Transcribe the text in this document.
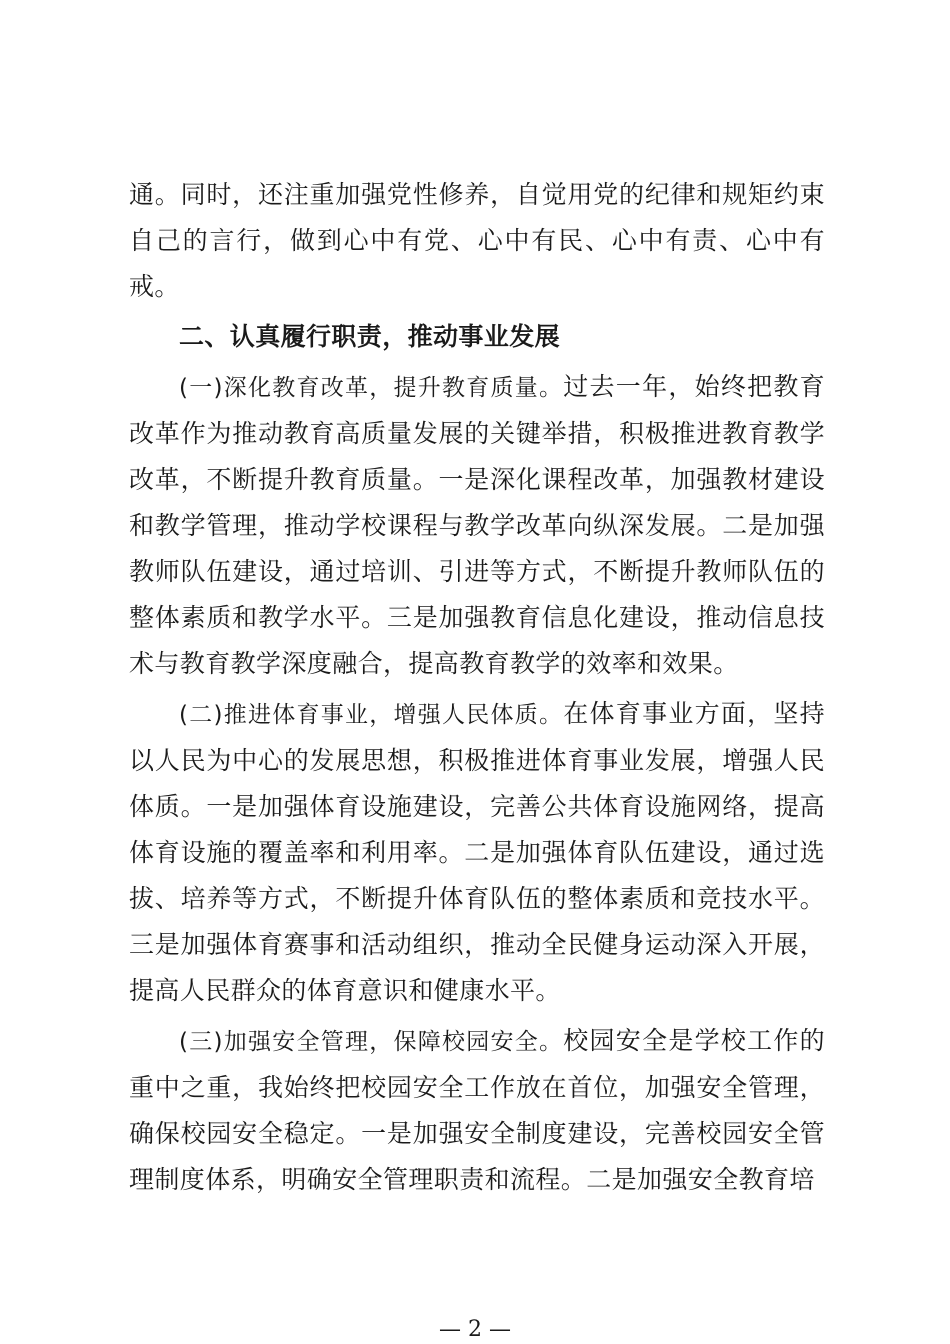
通。同时，还注重加强党性修养，自觉用党的纪律和规矩约束自己的言行，做到心中有党、心中有民、心中有责、心中有戒。

二、认真履行职责，推动事业发展

(一)深化教育改革，提升教育质量。过去一年，始终把教育改革作为推动教育高质量发展的关键举措，积极推进教育教学改革，不断提升教育质量。一是深化课程改革，加强教材建设和教学管理，推动学校课程与教学改革向纵深发展。二是加强教师队伍建设，通过培训、引进等方式，不断提升教师队伍的整体素质和教学水平。三是加强教育信息化建设，推动信息技术与教育教学深度融合，提高教育教学的效率和效果。

(二)推进体育事业，增强人民体质。在体育事业方面，坚持以人民为中心的发展思想，积极推进体育事业发展，增强人民体质。一是加强体育设施建设，完善公共体育设施网络，提高体育设施的覆盖率和利用率。二是加强体育队伍建设，通过选拔、培养等方式，不断提升体育队伍的整体素质和竞技水平。三是加强体育赛事和活动组织，推动全民健身运动深入开展，提高人民群众的体育意识和健康水平。

(三)加强安全管理，保障校园安全。校园安全是学校工作的重中之重，我始终把校园安全工作放在首位，加强安全管理，确保校园安全稳定。一是加强安全制度建设，完善校园安全管理制度体系，明确安全管理职责和流程。二是加强安全教育培

— 2 —
